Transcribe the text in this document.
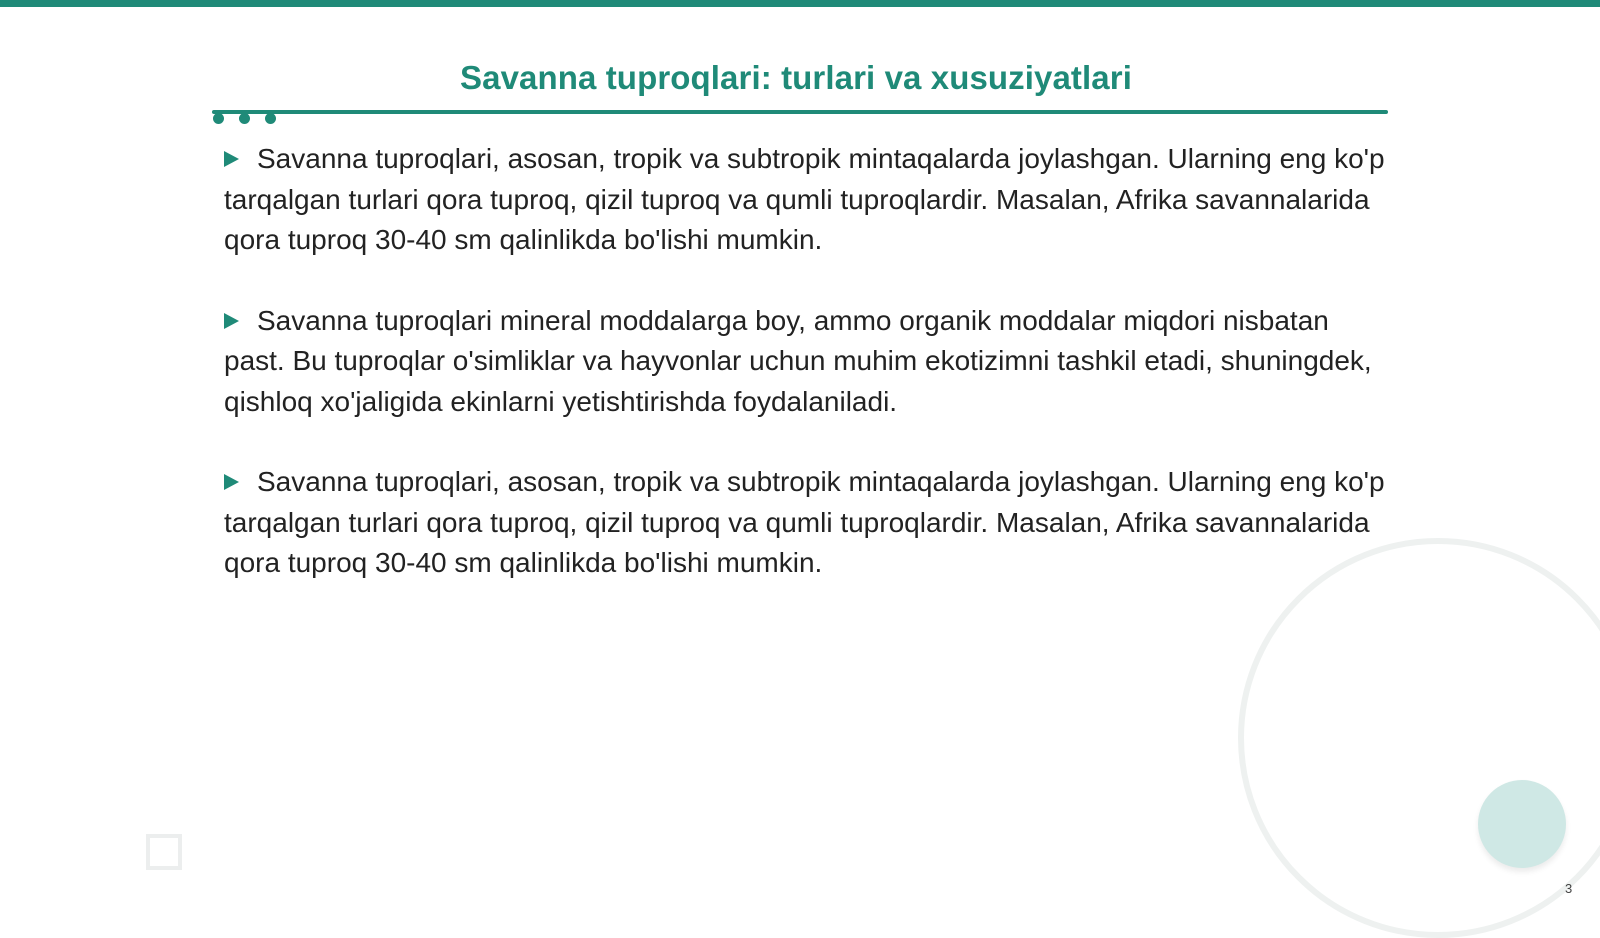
Savanna tuproqlari: turlari va xusuziyatlari
Savanna tuproqlari, asosan, tropik va subtropik mintaqalarda joylashgan. Ularning eng ko'p tarqalgan turlari qora tuproq, qizil tuproq va qumli tuproqlardir. Masalan, Afrika savannalarida qora tuproq 30-40 sm qalinlikda bo'lishi mumkin.
Savanna tuproqlari mineral moddalarga boy, ammo organik moddalar miqdori nisbatan past. Bu tuproqlar o'simliklar va hayvonlar uchun muhim ekotizimni tashkil etadi, shuningdek, qishloq xo'jaligida ekinlarni yetishtirishda foydalaniladi.
Savanna tuproqlari, asosan, tropik va subtropik mintaqalarda joylashgan. Ularning eng ko'p tarqalgan turlari qora tuproq, qizil tuproq va qumli tuproqlardir. Masalan, Afrika savannalarida qora tuproq 30-40 sm qalinlikda bo'lishi mumkin.
3
